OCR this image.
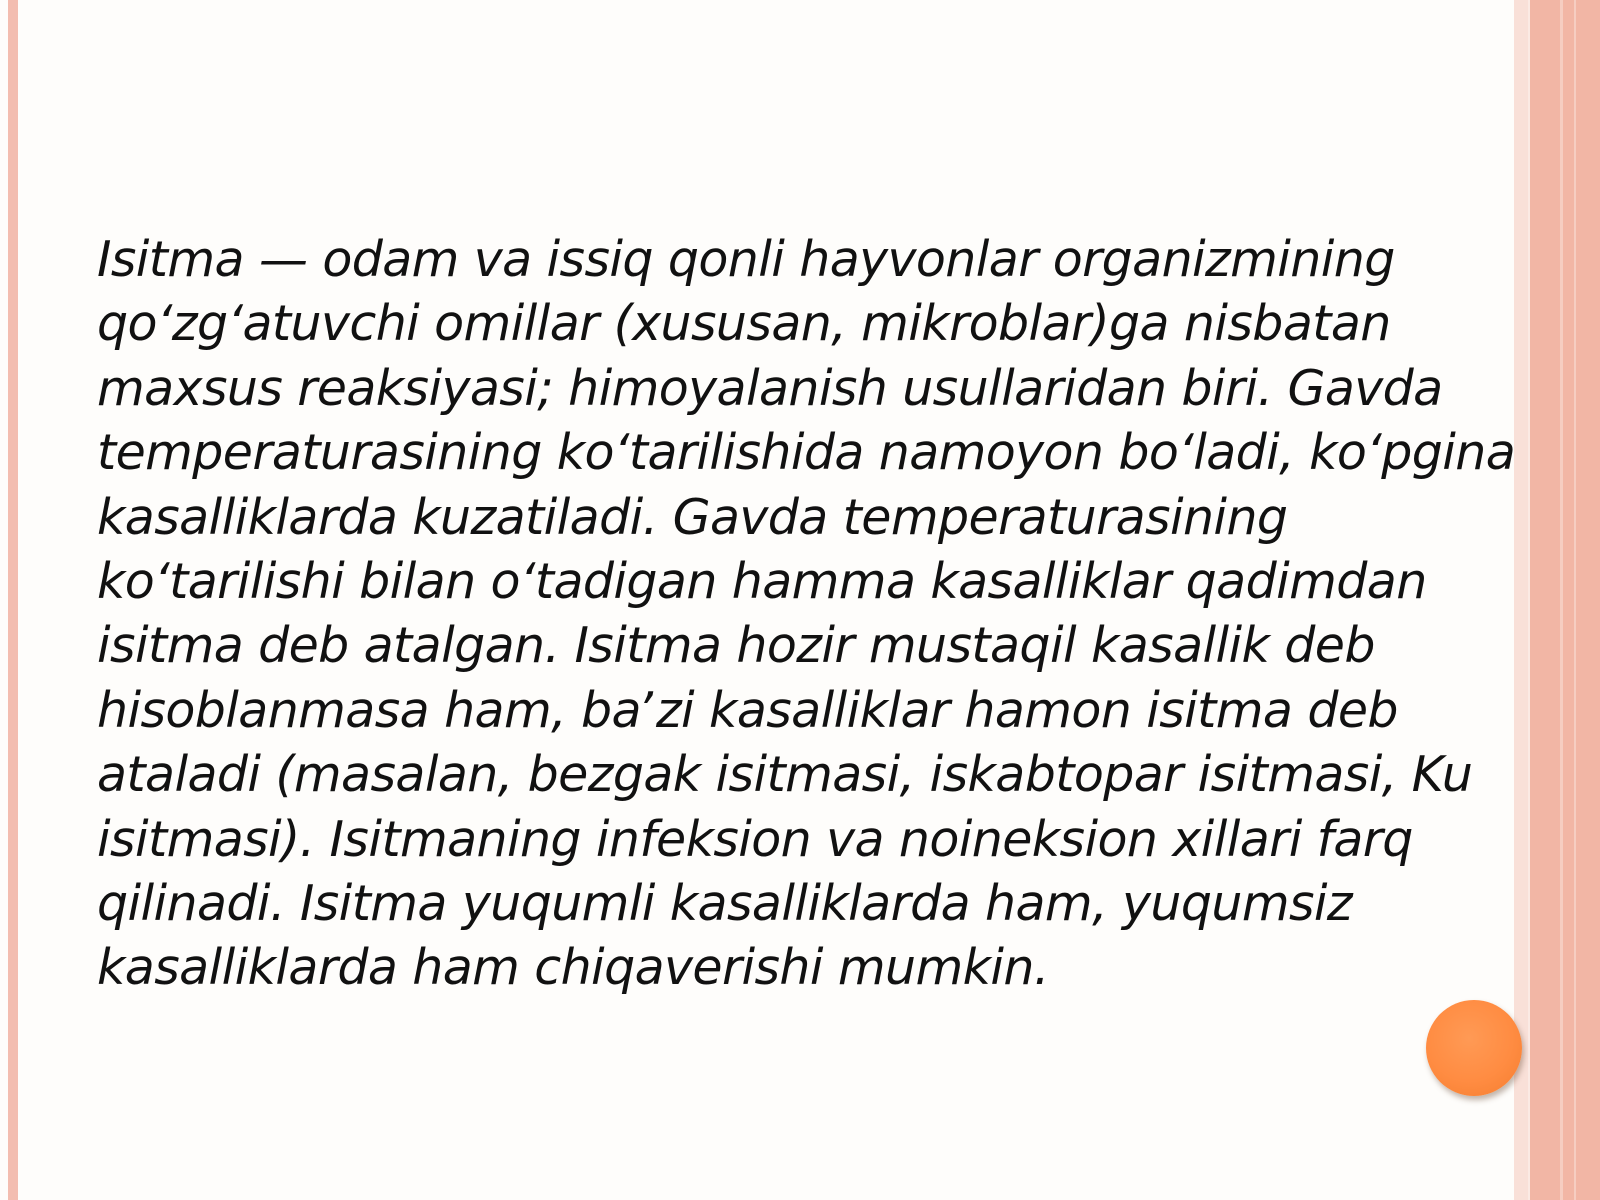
Isitma — odam va issiq qonli hayvonlar organizmining
qoʻzgʻatuvchi omillar (xususan, mikroblar)ga nisbatan
maxsus reaksiyasi; himoyalanish usullaridan biri. Gavda
temperaturasining koʻtarilishida namoyon boʻladi, koʻpgina
kasalliklarda kuzatiladi. Gavda temperaturasining
koʻtarilishi bilan oʻtadigan hamma kasalliklar qadimdan
isitma deb atalgan. Isitma hozir mustaqil kasallik deb
hisoblanmasa ham, baʼzi kasalliklar hamon isitma deb
ataladi (masalan, bezgak isitmasi, iskabtopar isitmasi, Ku
isitmasi). Isitmaning infeksion va noineksion xillari farq
qilinadi. Isitma yuqumli kasalliklarda ham, yuqumsiz
kasalliklarda ham chiqaverishi mumkin.
